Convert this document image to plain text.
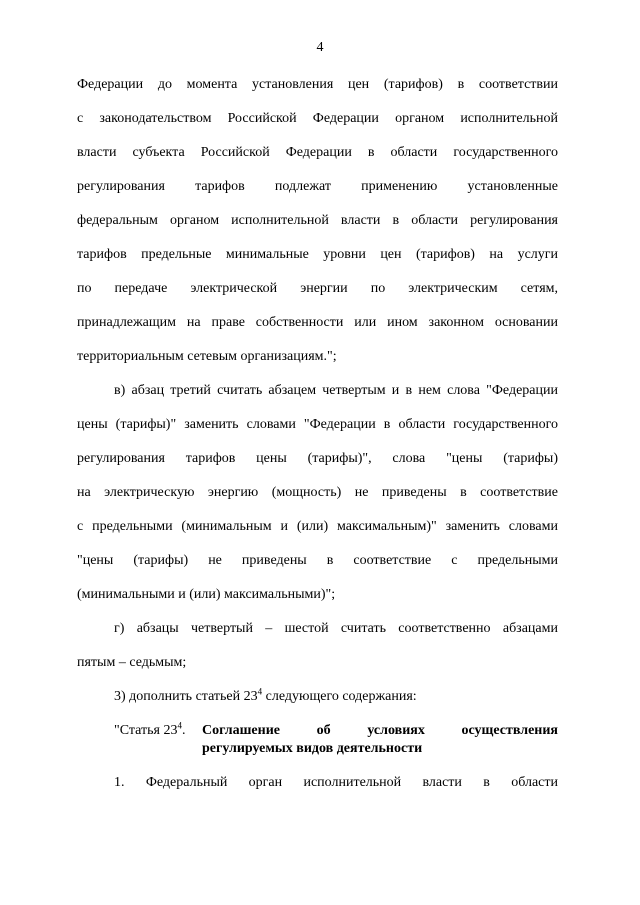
4
Федерации до момента установления цен (тарифов) в соответствии
с законодательством Российской Федерации органом исполнительной
власти субъекта Российской Федерации в области государственного
регулирования тарифов подлежат применению установленные
федеральным органом исполнительной власти в области регулирования
тарифов предельные минимальные уровни цен (тарифов) на услуги
по передаче электрической энергии по электрическим сетям,
принадлежащим на праве собственности или ином законном основании
территориальным сетевым организациям.";
в) абзац третий считать абзацем четвертым и в нем слова "Федерации
цены (тарифы)" заменить словами "Федерации в области государственного
регулирования тарифов цены (тарифы)", слова "цены (тарифы)
на электрическую энергию (мощность) не приведены в соответствие
с предельными (минимальным и (или) максимальным)" заменить словами
"цены (тарифы) не приведены в соответствие с предельными
(минимальными и (или) максимальными)";
г) абзацы четвертый – шестой считать соответственно абзацами
пятым – седьмым;
3) дополнить статьей $23^4$ следующего содержания:
"Статья $23^4$. Соглашение об условиях осуществления
регулируемых видов деятельности
1. Федеральный орган исполнительной власти в области
